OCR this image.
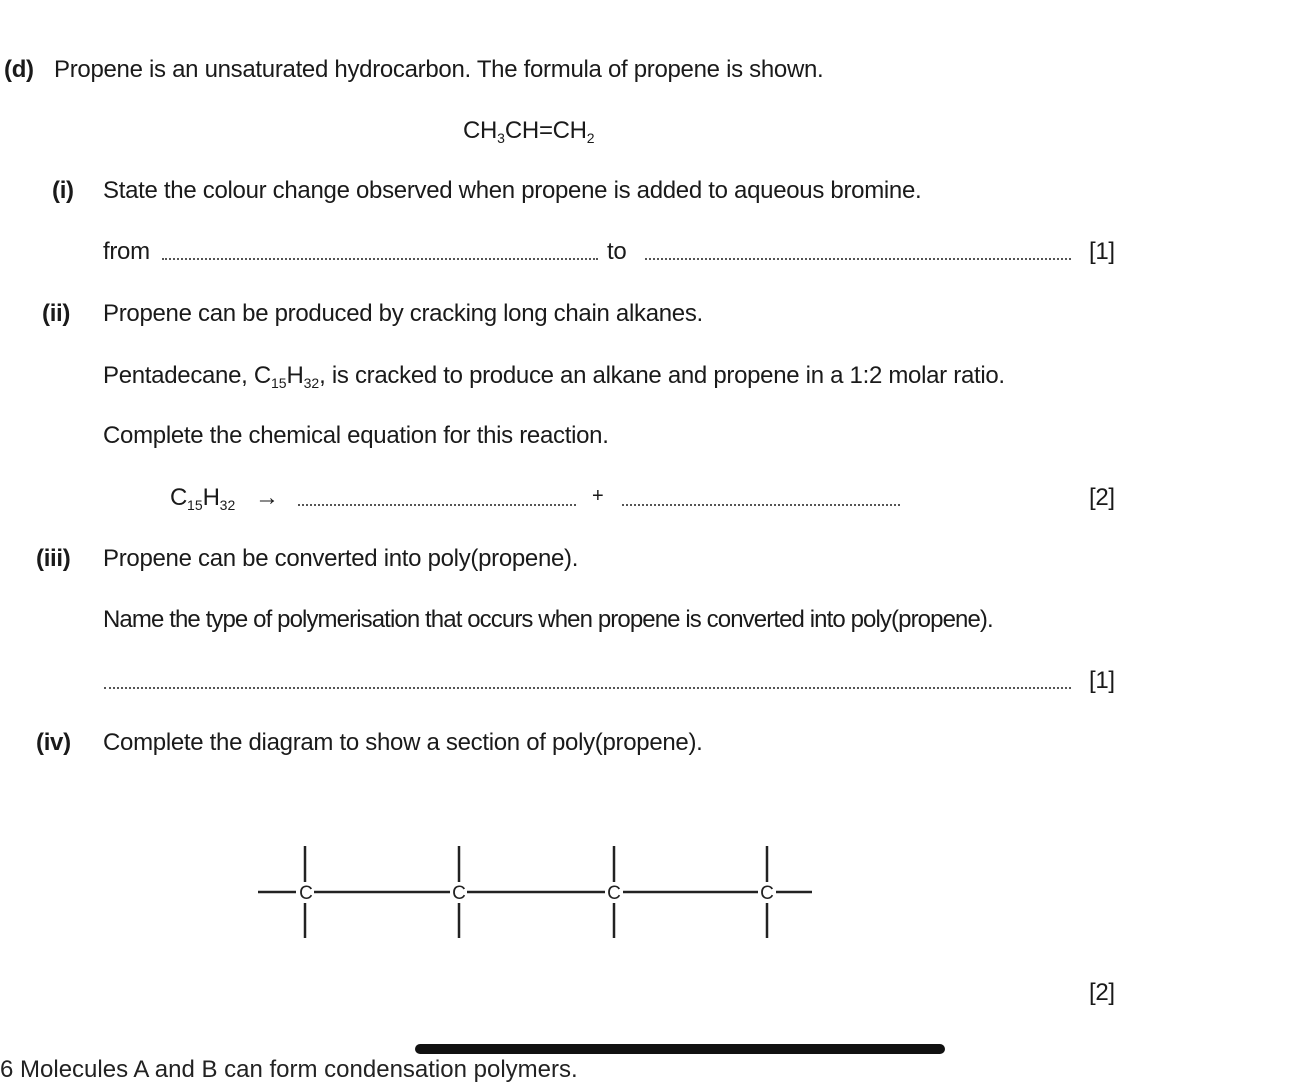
(d) Propene is an unsaturated hydrocarbon. The formula of propene is shown.
$CH_3CH=CH_2$
(i) State the colour change observed when propene is added to aqueous bromine.
from	to	[1]
(ii) Propene can be produced by cracking long chain alkanes.
Pentadecane, $C_{15}H_{32}$, is cracked to produce an alkane and propene in a 1:2 molar ratio.
Complete the chemical equation for this reaction.
$C_{15}H_{32}$ →	+	[2]
(iii) Propene can be converted into poly(propene).
Name the type of polymerisation that occurs when propene is converted into poly(propene).
[1]
(iv) Complete the diagram to show a section of poly(propene).
C	C	C	C
[2]
6 Molecules A and B can form condensation polymers.
